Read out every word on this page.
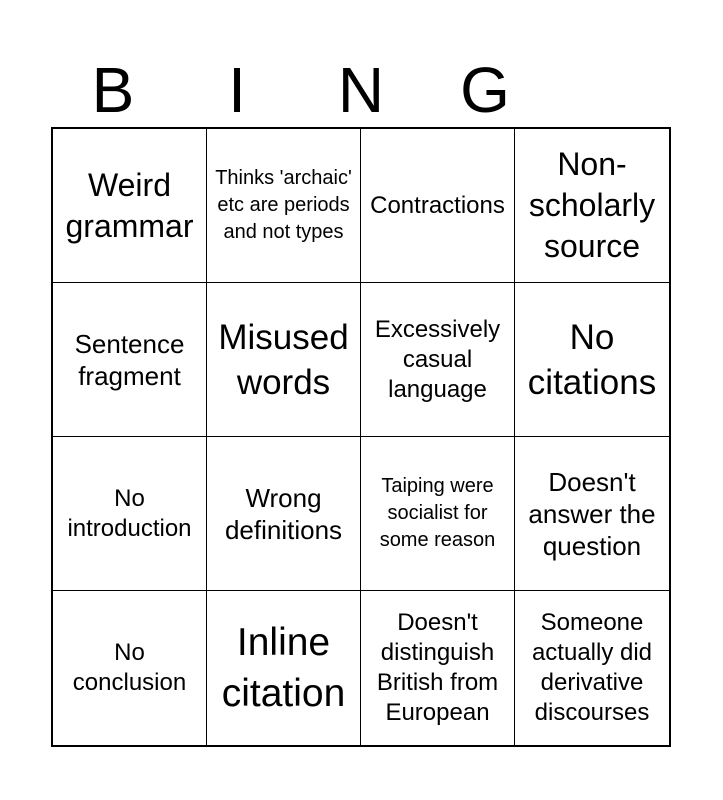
B	I	N	G
Weird grammar
Thinks 'archaic' etc are periods and not types
Contractions
Non-scholarly source
Sentence fragment
Misused words
Excessively casual language
No citations
No introduction
Wrong definitions
Taiping were socialist for some reason
Doesn't answer the question
No conclusion
Inline citation
Doesn't distinguish British from European
Someone actually did derivative discourses
